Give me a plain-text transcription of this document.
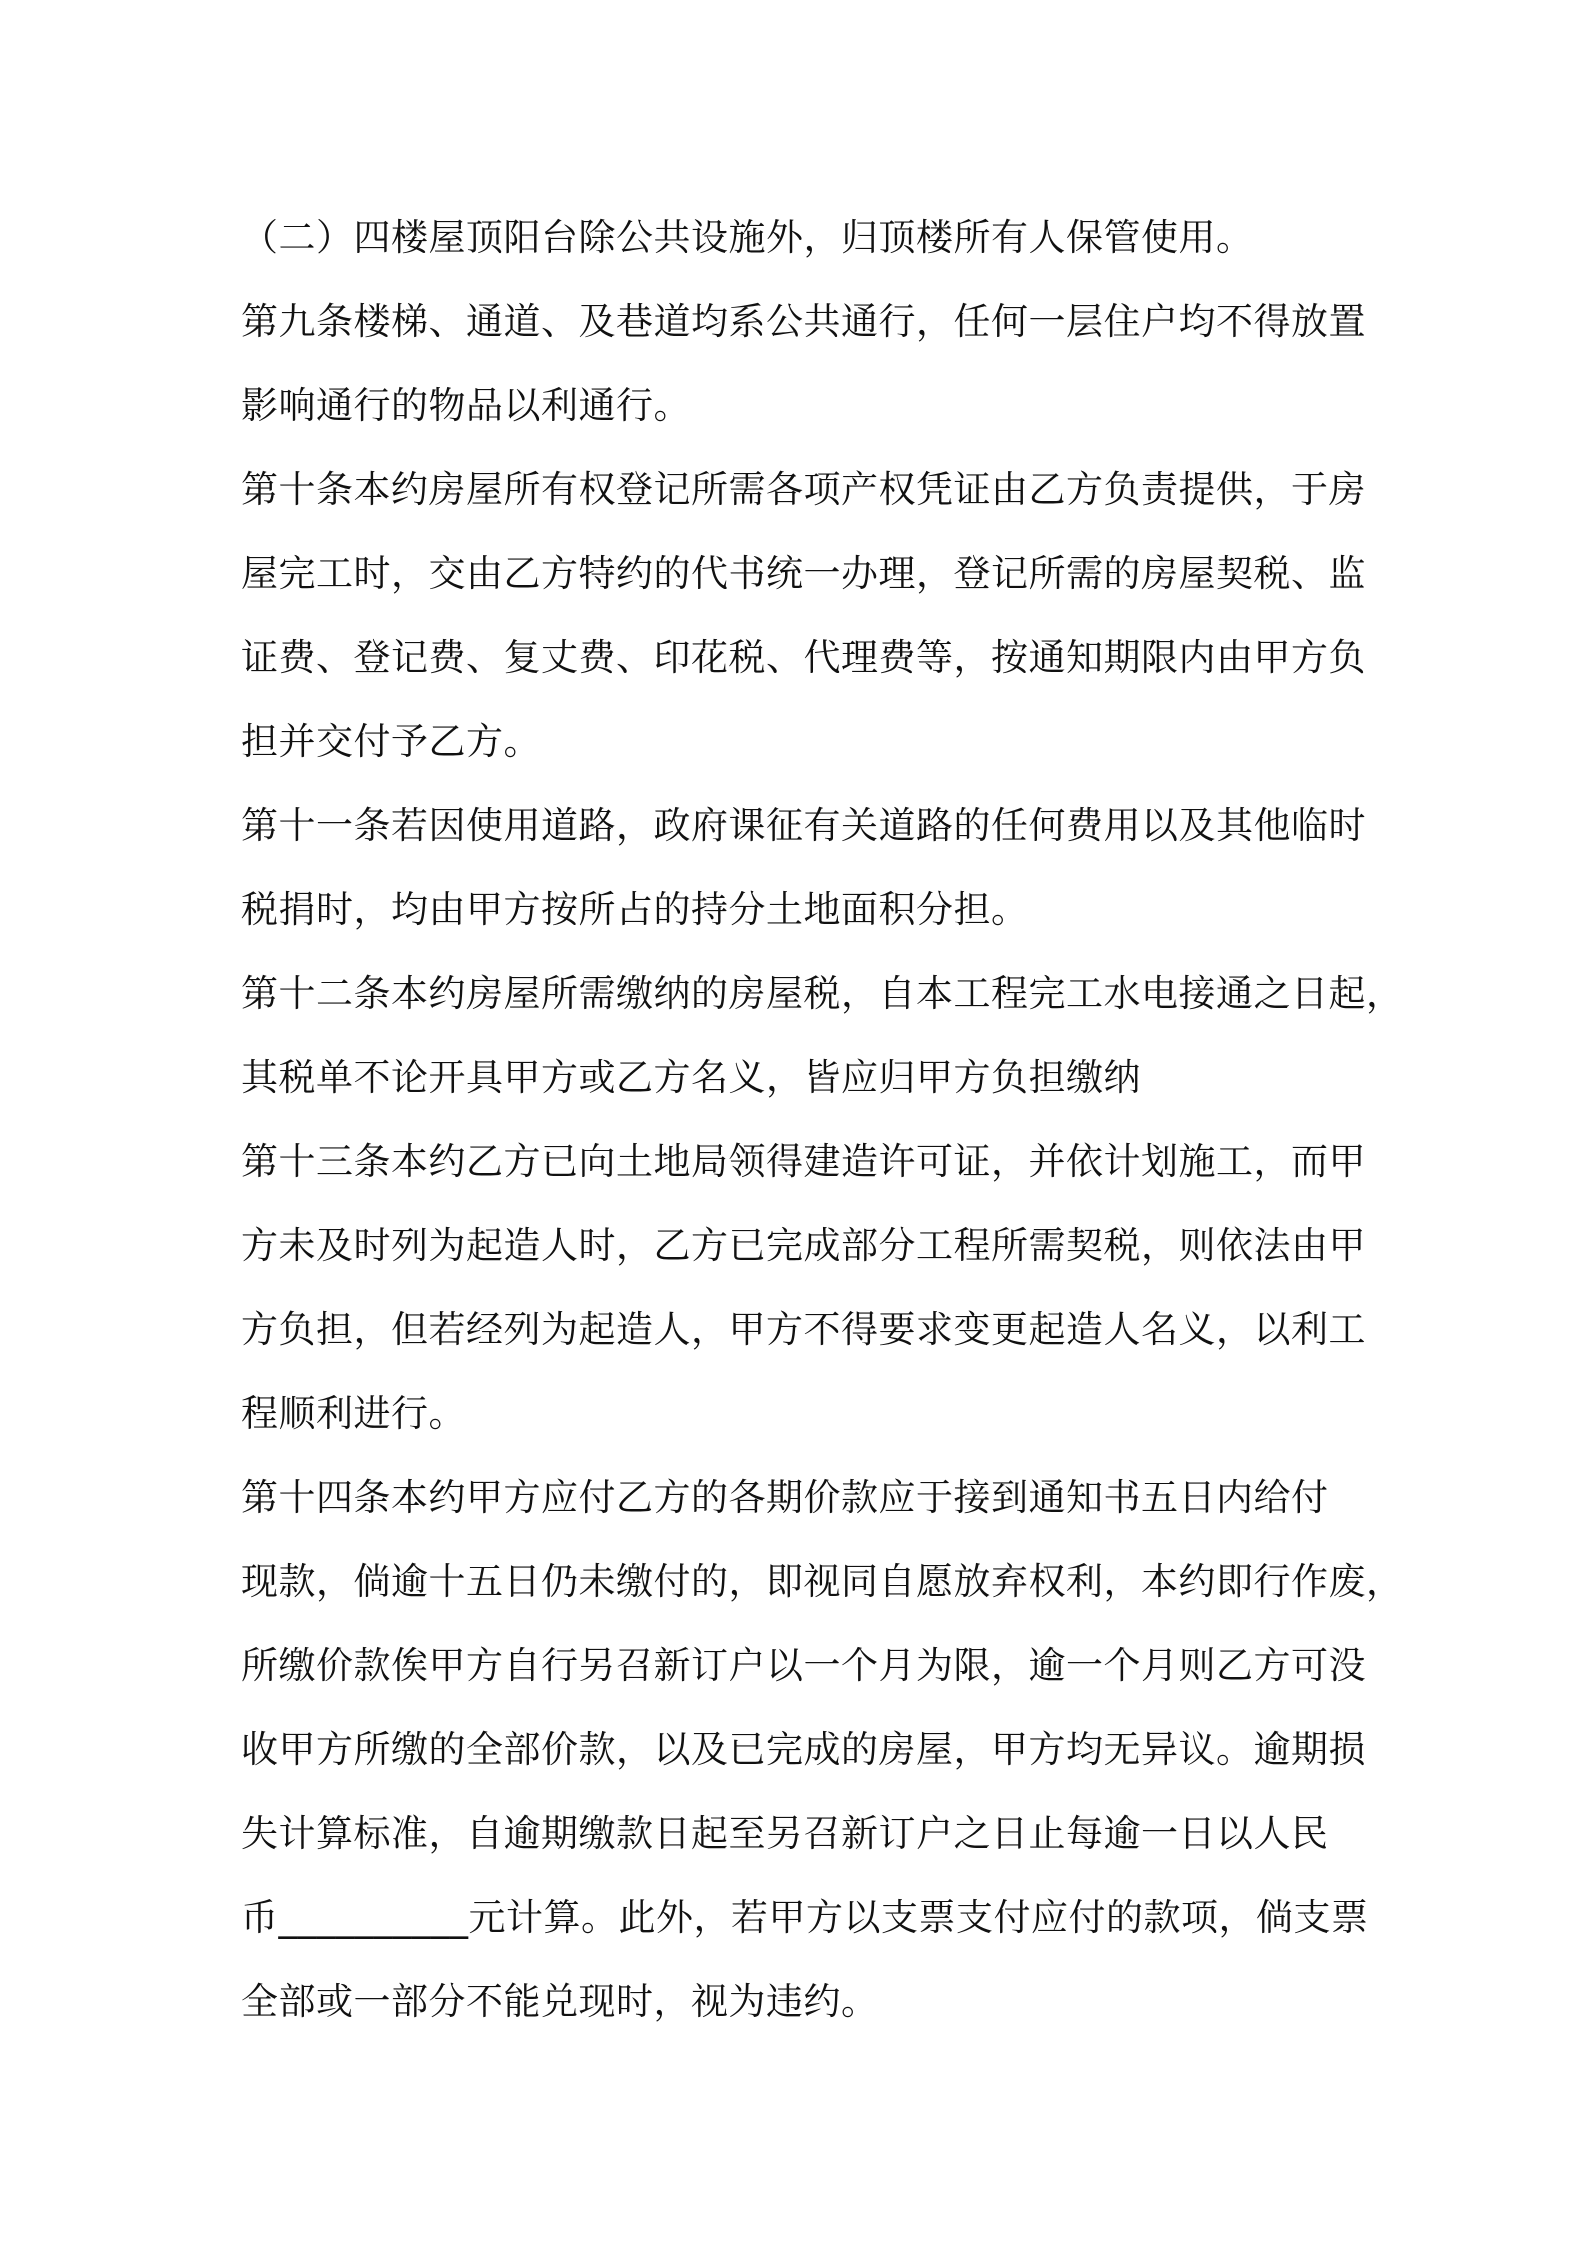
（二）四楼屋顶阳台除公共设施外，归顶楼所有人保管使用。
第九条楼梯、通道、及巷道均系公共通行，任何一层住户均不得放置
影响通行的物品以利通行。
第十条本约房屋所有权登记所需各项产权凭证由乙方负责提供，于房
屋完工时，交由乙方特约的代书统一办理，登记所需的房屋契税、监
证费、登记费、复丈费、印花税、代理费等，按通知期限内由甲方负
担并交付予乙方。
第十一条若因使用道路，政府课征有关道路的任何费用以及其他临时
税捐时，均由甲方按所占的持分土地面积分担。
第十二条本约房屋所需缴纳的房屋税，自本工程完工水电接通之日起，
其税单不论开具甲方或乙方名义，皆应归甲方负担缴纳
第十三条本约乙方已向土地局领得建造许可证，并依计划施工，而甲
方未及时列为起造人时，乙方已完成部分工程所需契税，则依法由甲
方负担，但若经列为起造人，甲方不得要求变更起造人名义，以利工
程顺利进行。
第十四条本约甲方应付乙方的各期价款应于接到通知书五日内给付
现款，倘逾十五日仍未缴付的，即视同自愿放弃权利，本约即行作废，
所缴价款俟甲方自行另召新订户以一个月为限，逾一个月则乙方可没
收甲方所缴的全部价款，以及已完成的房屋，甲方均无异议。逾期损
失计算标准，自逾期缴款日起至另召新订户之日止每逾一日以人民
币__________元计算。此外，若甲方以支票支付应付的款项，倘支票
全部或一部分不能兑现时，视为违约。
